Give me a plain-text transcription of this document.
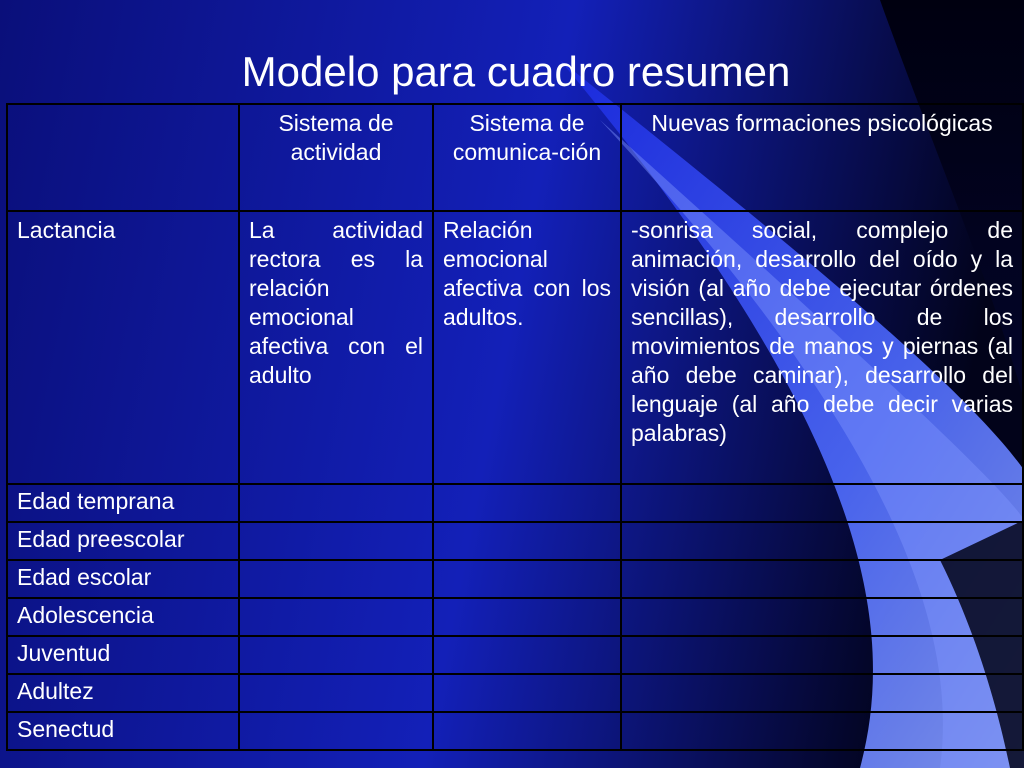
Modelo para cuadro resumen
	Sistema de actividad	Sistema de comunica-ción	Nuevas formaciones psicológicas
Lactancia	La actividad rectora es la relación emocional afectiva con el adulto	Relación emocional afectiva con los adultos.	-sonrisa social, complejo de animación, desarrollo del oído y la visión (al año debe ejecutar órdenes sencillas), desarrollo de los movimientos de manos y piernas (al año debe caminar), desarrollo del lenguaje (al año debe decir varias palabras)
Edad temprana			
Edad preescolar			
Edad escolar			
Adolescencia			
Juventud			
Adultez			
Senectud			
